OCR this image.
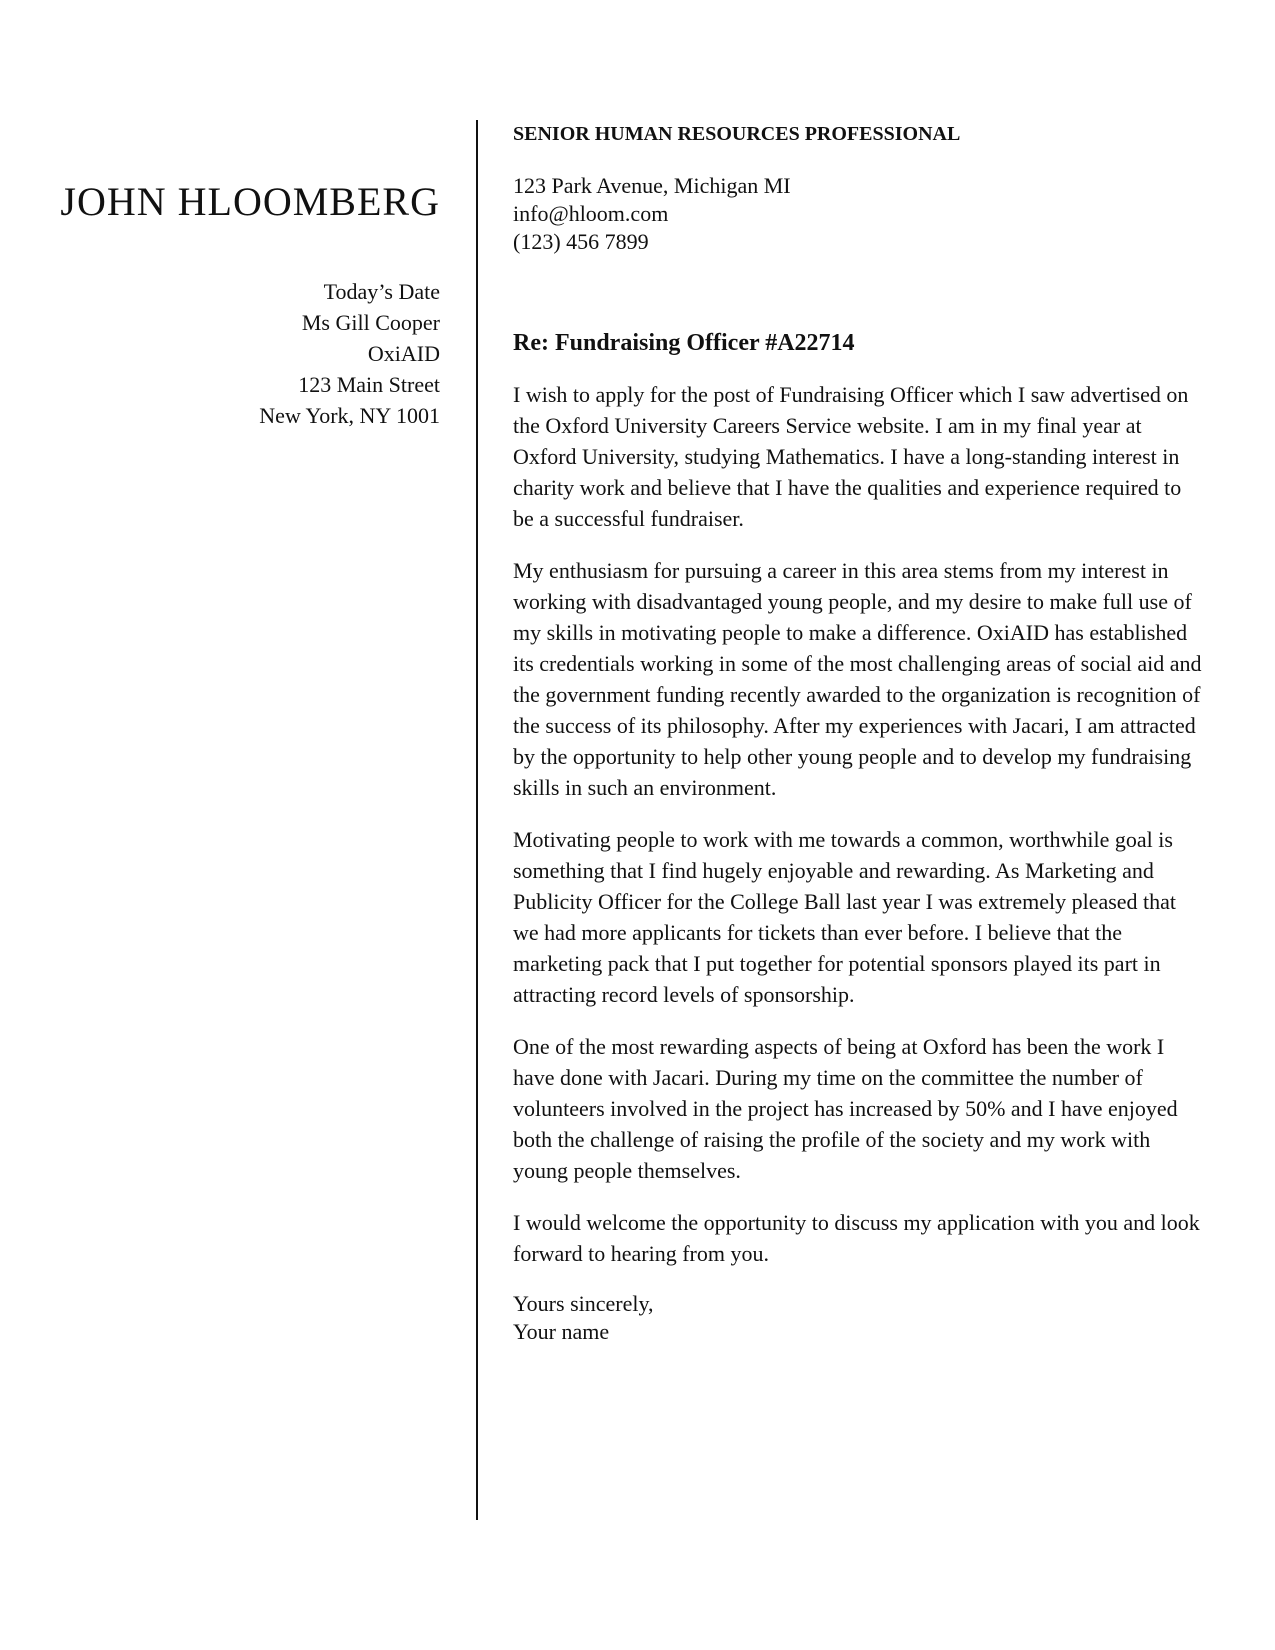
JOHN HLOOMBERG
Today’s Date
Ms Gill Cooper
OxiAID
123 Main Street
New York, NY 1001
SENIOR HUMAN RESOURCES PROFESSIONAL
123 Park Avenue, Michigan MI
info@hloom.com
(123) 456 7899
Re: Fundraising Officer #A22714

I wish to apply for the post of Fundraising Officer which I saw advertised on the Oxford University Careers Service website. I am in my final year at Oxford University, studying Mathematics. I have a long-standing interest in charity work and believe that I have the qualities and experience required to be a successful fundraiser.

My enthusiasm for pursuing a career in this area stems from my interest in working with disadvantaged young people, and my desire to make full use of my skills in motivating people to make a difference. OxiAID has established its credentials working in some of the most challenging areas of social aid and the government funding recently awarded to the organization is recognition of the success of its philosophy. After my experiences with Jacari, I am attracted by the opportunity to help other young people and to develop my fundraising skills in such an environment.

Motivating people to work with me towards a common, worthwhile goal is something that I find hugely enjoyable and rewarding. As Marketing and Publicity Officer for the College Ball last year I was extremely pleased that we had more applicants for tickets than ever before. I believe that the marketing pack that I put together for potential sponsors played its part in attracting record levels of sponsorship.

One of the most rewarding aspects of being at Oxford has been the work I have done with Jacari. During my time on the committee the number of volunteers involved in the project has increased by 50% and I have enjoyed both the challenge of raising the profile of the society and my work with young people themselves.

I would welcome the opportunity to discuss my application with you and look forward to hearing from you.

Yours sincerely,
Your name
